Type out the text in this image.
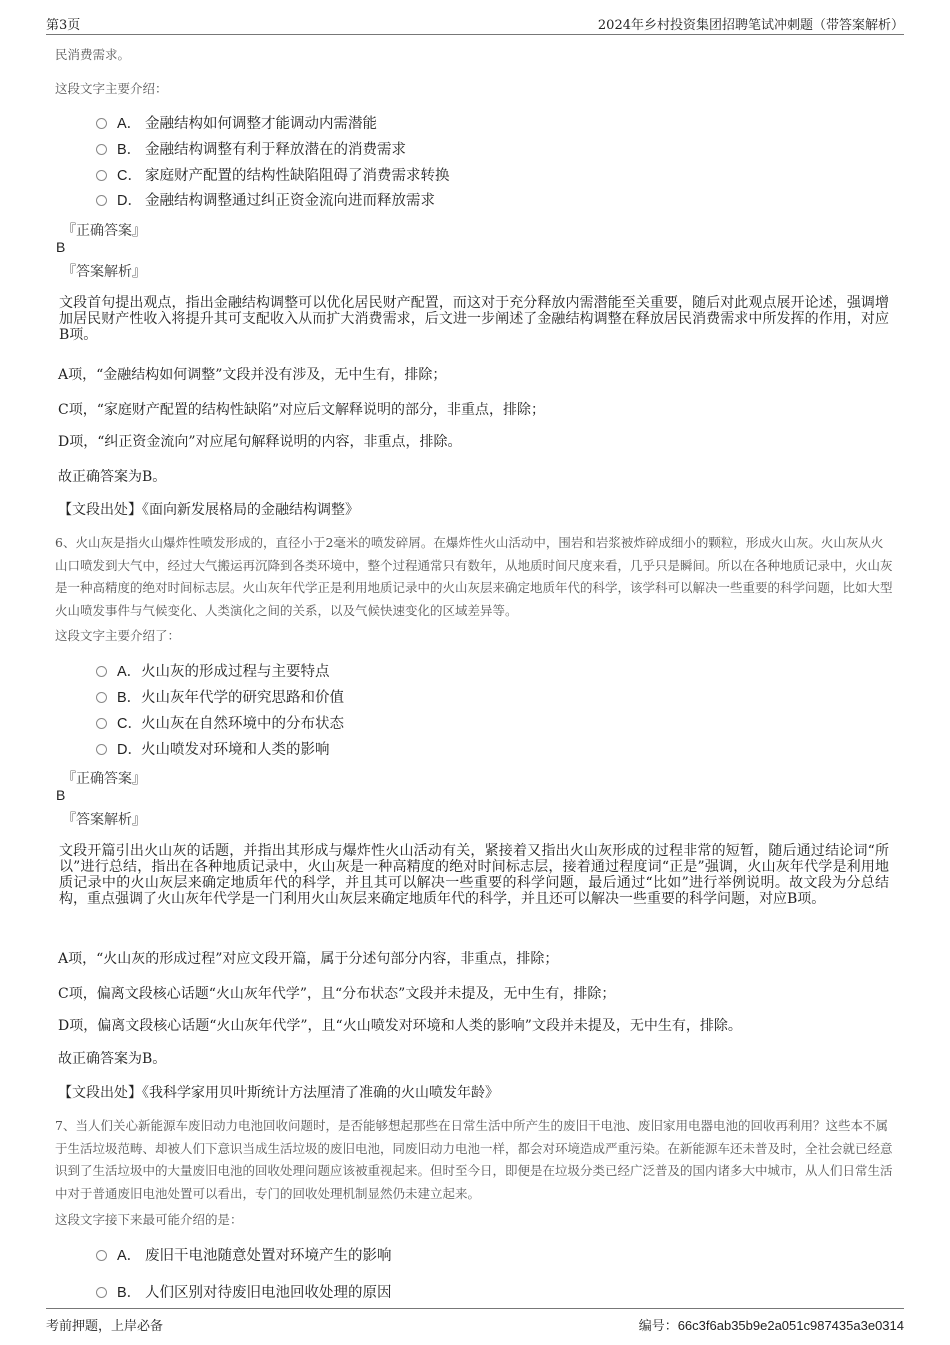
第3页	2024年乡村投资集团招聘笔试冲刺题（带答案解析）
民消费需求。
这段文字主要介绍：
A． 金融结构如何调整才能调动内需潜能
B． 金融结构调整有利于释放潜在的消费需求
C． 家庭财产配置的结构性缺陷阻碍了消费需求转换
D． 金融结构调整通过纠正资金流向进而释放需求
『正确答案』
B
『答案解析』
文段首句提出观点，指出金融结构调整可以优化居民财产配置，而这对于充分释放内需潜能至关重要，随后对此观点展开论述，强调增加居民财产性收入将提升其可支配收入从而扩大消费需求，后文进一步阐述了金融结构调整在释放居民消费需求中所发挥的作用，对应B项。
A项，“金融结构如何调整”文段并没有涉及，无中生有，排除；
C项，“家庭财产配置的结构性缺陷”对应后文解释说明的部分，非重点，排除；
D项，“纠正资金流向”对应尾句解释说明的内容，非重点，排除。
故正确答案为B。
【文段出处】《面向新发展格局的金融结构调整》
6、火山灰是指火山爆炸性喷发形成的，直径小于2毫米的喷发碎屑。在爆炸性火山活动中，围岩和岩浆被炸碎成细小的颗粒，形成火山灰。火山灰从火山口喷发到大气中，经过大气搬运再沉降到各类环境中，整个过程通常只有数年，从地质时间尺度来看，几乎只是瞬间。所以在各种地质记录中，火山灰是一种高精度的绝对时间标志层。火山灰年代学正是利用地质记录中的火山灰层来确定地质年代的科学，该学科可以解决一些重要的科学问题，比如大型火山喷发事件与气候变化、人类演化之间的关系，以及气候快速变化的区域差异等。
这段文字主要介绍了：
A．火山灰的形成过程与主要特点
B．火山灰年代学的研究思路和价值
C．火山灰在自然环境中的分布状态
D．火山喷发对环境和人类的影响
『正确答案』
B
『答案解析』
文段开篇引出火山灰的话题，并指出其形成与爆炸性火山活动有关，紧接着又指出火山灰形成的过程非常的短暂，随后通过结论词“所以”进行总结，指出在各种地质记录中，火山灰是一种高精度的绝对时间标志层，接着通过程度词“正是”强调，火山灰年代学是利用地质记录中的火山灰层来确定地质年代的科学，并且其可以解决一些重要的科学问题，最后通过“比如”进行举例说明。故文段为分总结构，重点强调了火山灰年代学是一门利用火山灰层来确定地质年代的科学，并且还可以解决一些重要的科学问题，对应B项。
A项，“火山灰的形成过程”对应文段开篇，属于分述句部分内容，非重点，排除；
C项，偏离文段核心话题“火山灰年代学”，且“分布状态”文段并未提及，无中生有，排除；
D项，偏离文段核心话题“火山灰年代学”，且“火山喷发对环境和人类的影响”文段并未提及，无中生有，排除。
故正确答案为B。
【文段出处】《我科学家用贝叶斯统计方法厘清了准确的火山喷发年龄》
7、当人们关心新能源车废旧动力电池回收问题时，是否能够想起那些在日常生活中所产生的废旧干电池、废旧家用电器电池的回收再利用？这些本不属于生活垃圾范畴、却被人们下意识当成生活垃圾的废旧电池，同废旧动力电池一样，都会对环境造成严重污染。在新能源车还未普及时，全社会就已经意识到了生活垃圾中的大量废旧电池的回收处理问题应该被重视起来。但时至今日，即便是在垃圾分类已经广泛普及的国内诸多大中城市，从人们日常生活中对于普通废旧电池处置可以看出，专门的回收处理机制显然仍未建立起来。
这段文字接下来最可能介绍的是：
A． 废旧干电池随意处置对环境产生的影响
B． 人们区别对待废旧电池回收处理的原因
考前押题，上岸必备	编号：66c3f6ab35b9e2a051c987435a3e0314
